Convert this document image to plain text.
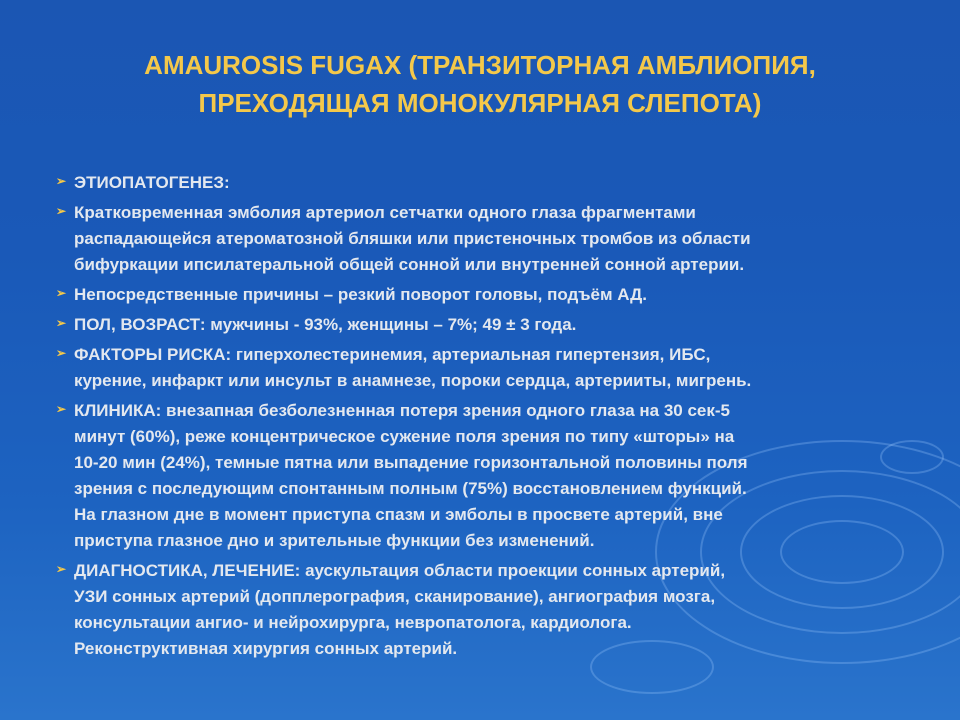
AMAUROSIS FUGAX (ТРАНЗИТОРНАЯ АМБЛИОПИЯ,
ПРЕХОДЯЩАЯ МОНОКУЛЯРНАЯ СЛЕПОТА)
➢ ЭТИОПАТОГЕНЕЗ:
➢ Кратковременная эмболия артериол сетчатки одного глаза фрагментами
распадающейся атероматозной бляшки или пристеночных тромбов из области
бифуркации ипсилатеральной общей сонной или внутренней сонной артерии.
➢ Непосредственные причины – резкий поворот головы, подъём АД.
➢ ПОЛ, ВОЗРАСТ: мужчины - 93%, женщины – 7%; 49 ± 3 года.
➢ ФАКТОРЫ РИСКА: гиперхолестеринемия, артериальная гипертензия, ИБС,
курение, инфаркт или инсульт в анамнезе, пороки сердца, артерииты, мигрень.
➢ КЛИНИКА: внезапная безболезненная потеря зрения одного глаза на 30 сек-5
минут (60%), реже концентрическое сужение поля зрения по типу «шторы» на
10-20 мин (24%), темные пятна или выпадение горизонтальной половины поля
зрения с последующим спонтанным полным (75%) восстановлением функций.
На глазном дне в момент приступа спазм и эмболы в просвете артерий, вне
приступа глазное дно и зрительные функции без изменений.
➢ ДИАГНОСТИКА, ЛЕЧЕНИЕ: аускультация области проекции сонных артерий,
УЗИ сонных артерий (допплерография, сканирование), ангиография мозга,
консультации ангио- и нейрохирурга, невропатолога, кардиолога.
Реконструктивная хирургия сонных артерий.
